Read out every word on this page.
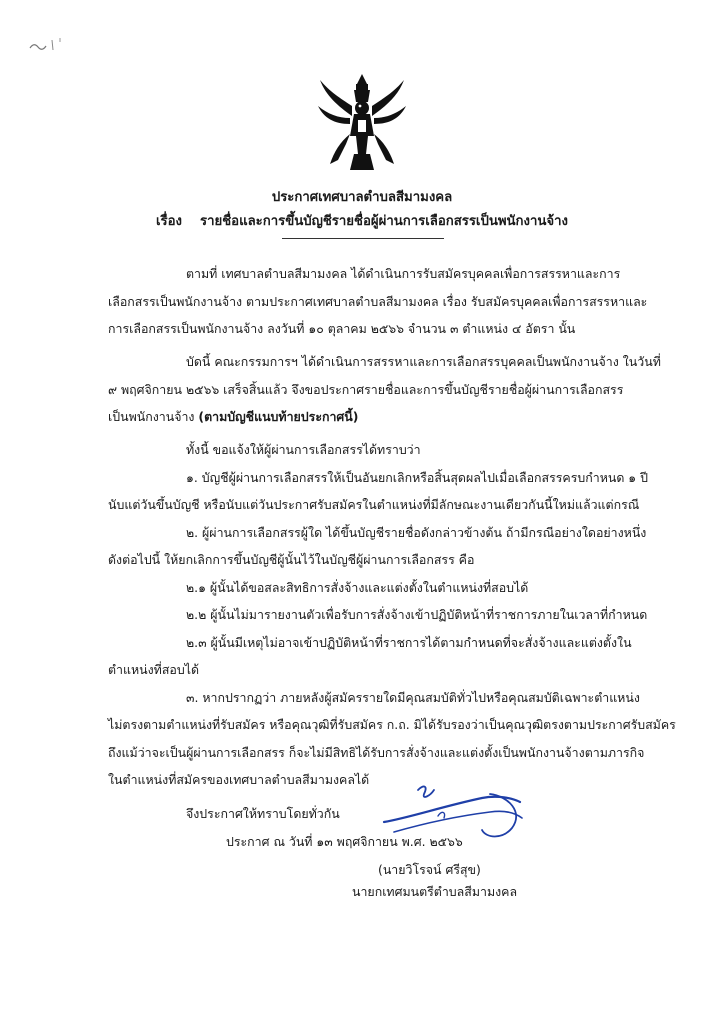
ประกาศเทศบาลตำบลสีมามงคล
เรื่อง รายชื่อและการขึ้นบัญชีรายชื่อผู้ผ่านการเลือกสรรเป็นพนักงานจ้าง
ตามที่ เทศบาลตำบลสีมามงคล ได้ดำเนินการรับสมัครบุคคลเพื่อการสรรหาและการ
เลือกสรรเป็นพนักงานจ้าง ตามประกาศเทศบาลตำบลสีมามงคล เรื่อง รับสมัครบุคคลเพื่อการสรรหาและ
การเลือกสรรเป็นพนักงานจ้าง ลงวันที่ ๑๐ ตุลาคม ๒๕๖๖ จำนวน ๓ ตำแหน่ง ๔ อัตรา นั้น
บัดนี้ คณะกรรมการฯ ได้ดำเนินการสรรหาและการเลือกสรรบุคคลเป็นพนักงานจ้าง ในวันที่
๙ พฤศจิกายน ๒๕๖๖ เสร็จสิ้นแล้ว จึงขอประกาศรายชื่อและการขึ้นบัญชีรายชื่อผู้ผ่านการเลือกสรร
เป็นพนักงานจ้าง (ตามบัญชีแนบท้ายประกาศนี้)
ทั้งนี้ ขอแจ้งให้ผู้ผ่านการเลือกสรรได้ทราบว่า
๑. บัญชีผู้ผ่านการเลือกสรรให้เป็นอันยกเลิกหรือสิ้นสุดผลไปเมื่อเลือกสรรครบกำหนด ๑ ปี
นับแต่วันขึ้นบัญชี หรือนับแต่วันประกาศรับสมัครในตำแหน่งที่มีลักษณะงานเดียวกันนี้ใหม่แล้วแต่กรณี
๒. ผู้ผ่านการเลือกสรรผู้ใด ได้ขึ้นบัญชีรายชื่อดังกล่าวข้างต้น ถ้ามีกรณีอย่างใดอย่างหนึ่ง
ดังต่อไปนี้ ให้ยกเลิกการขึ้นบัญชีผู้นั้นไว้ในบัญชีผู้ผ่านการเลือกสรร คือ
๒.๑ ผู้นั้นได้ขอสละสิทธิการสั่งจ้างและแต่งตั้งในตำแหน่งที่สอบได้
๒.๒ ผู้นั้นไม่มารายงานตัวเพื่อรับการสั่งจ้างเข้าปฏิบัติหน้าที่ราชการภายในเวลาที่กำหนด
๒.๓ ผู้นั้นมีเหตุไม่อาจเข้าปฏิบัติหน้าที่ราชการได้ตามกำหนดที่จะสั่งจ้างและแต่งตั้งใน
ตำแหน่งที่สอบได้
๓. หากปรากฏว่า ภายหลังผู้สมัครรายใดมีคุณสมบัติทั่วไปหรือคุณสมบัติเฉพาะตำแหน่ง
ไม่ตรงตามตำแหน่งที่รับสมัคร หรือคุณวุฒิที่รับสมัคร ก.ถ. มิได้รับรองว่าเป็นคุณวุฒิตรงตามประกาศรับสมัคร
ถึงแม้ว่าจะเป็นผู้ผ่านการเลือกสรร ก็จะไม่มีสิทธิได้รับการสั่งจ้างและแต่งตั้งเป็นพนักงานจ้างตามภารกิจ
ในตำแหน่งที่สมัครของเทศบาลตำบลสีมามงคลได้
จึงประกาศให้ทราบโดยทั่วกัน
ประกาศ ณ วันที่ ๑๓ พฤศจิกายน พ.ศ. ๒๕๖๖
(นายวิโรจน์ ศรีสุข)
นายกเทศมนตรีตำบลสีมามงคล
